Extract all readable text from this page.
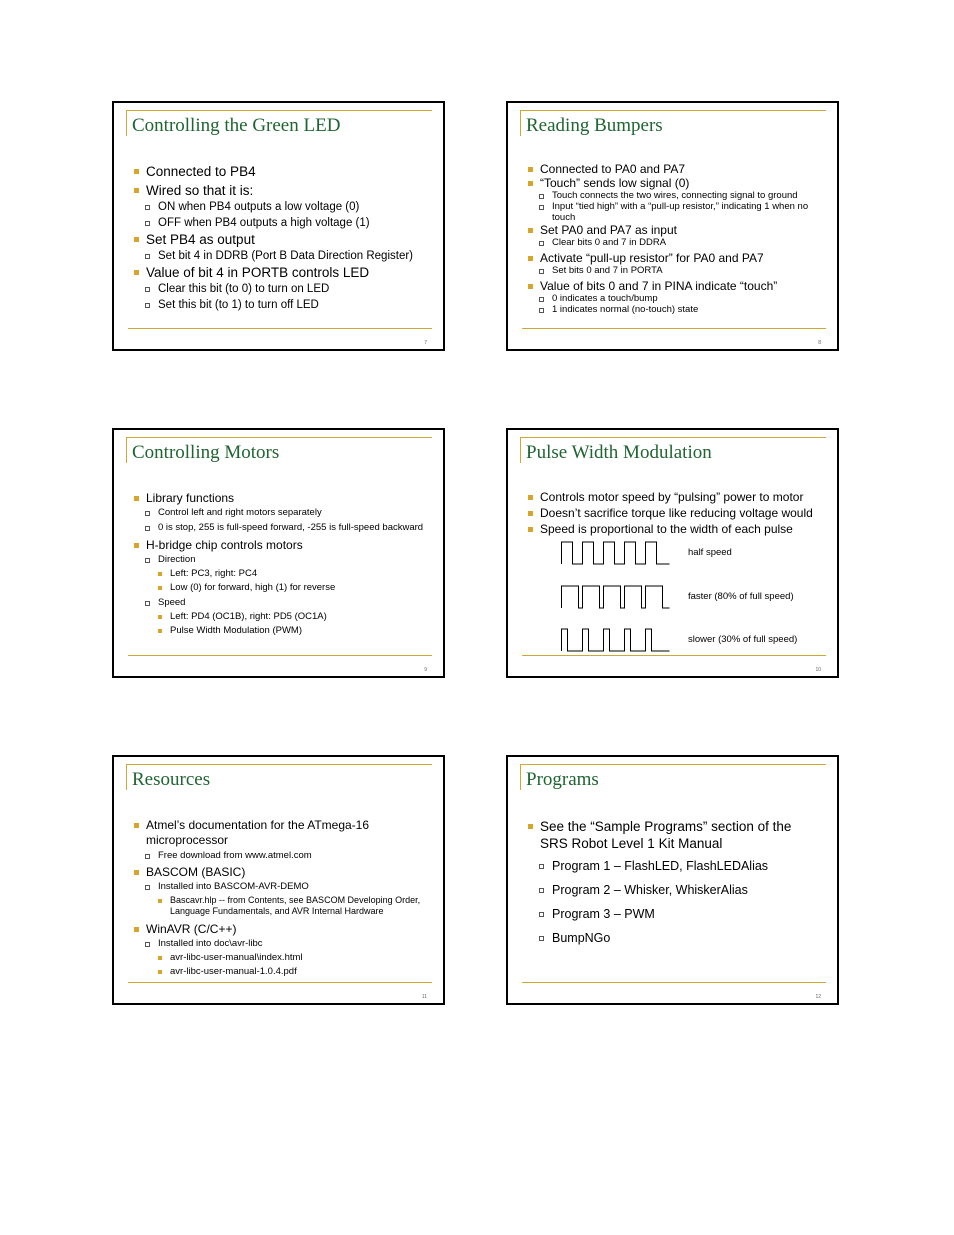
Controlling the Green LED
Connected to PB4
Wired so that it is:
ON when PB4 outputs a low voltage (0)
OFF when PB4 outputs a high voltage (1)
Set PB4 as output
Set bit 4 in DDRB (Port B Data Direction Register)
Value of bit 4 in PORTB controls LED
Clear this bit (to 0) to turn on LED
Set this bit (to 1) to turn off LED
7
Reading Bumpers
Connected to PA0 and PA7
“Touch” sends low signal (0)
Touch connects the two wires, connecting signal to ground
Input “tied high” with a “pull-up resistor,” indicating 1 when no touch
Set PA0 and PA7 as input
Clear bits 0 and 7 in DDRA
Activate “pull-up resistor” for PA0 and PA7
Set bits 0 and 7 in PORTA
Value of bits 0 and 7 in PINA indicate “touch”
0 indicates a touch/bump
1 indicates normal (no-touch) state
8
Controlling Motors
Library functions
Control left and right motors separately
0 is stop, 255 is full-speed forward, -255 is full-speed backward
H-bridge chip controls motors
Direction
Left: PC3, right: PC4
Low (0) for forward, high (1) for reverse
Speed
Left: PD4 (OC1B), right: PD5 (OC1A)
Pulse Width Modulation (PWM)
9
Pulse Width Modulation
Controls motor speed by “pulsing” power to motor
Doesn’t sacrifice torque like reducing voltage would
Speed is proportional to the width of each pulse
half speed
faster (80% of full speed)
slower (30% of full speed)
10
Resources
Atmel’s documentation for the ATmega-16 microprocessor
Free download from www.atmel.com
BASCOM (BASIC)
Installed into BASCOM-AVR-DEMO
Bascavr.hlp -- from Contents, see BASCOM Developing Order, Language Fundamentals, and AVR Internal Hardware
WinAVR (C/C++)
Installed into doc\avr-libc
avr-libc-user-manual\index.html
avr-libc-user-manual-1.0.4.pdf
11
Programs
See the “Sample Programs” section of the SRS Robot Level 1 Kit Manual
Program 1 – FlashLED, FlashLEDAlias
Program 2 – Whisker, WhiskerAlias
Program 3 – PWM
BumpNGo
12
